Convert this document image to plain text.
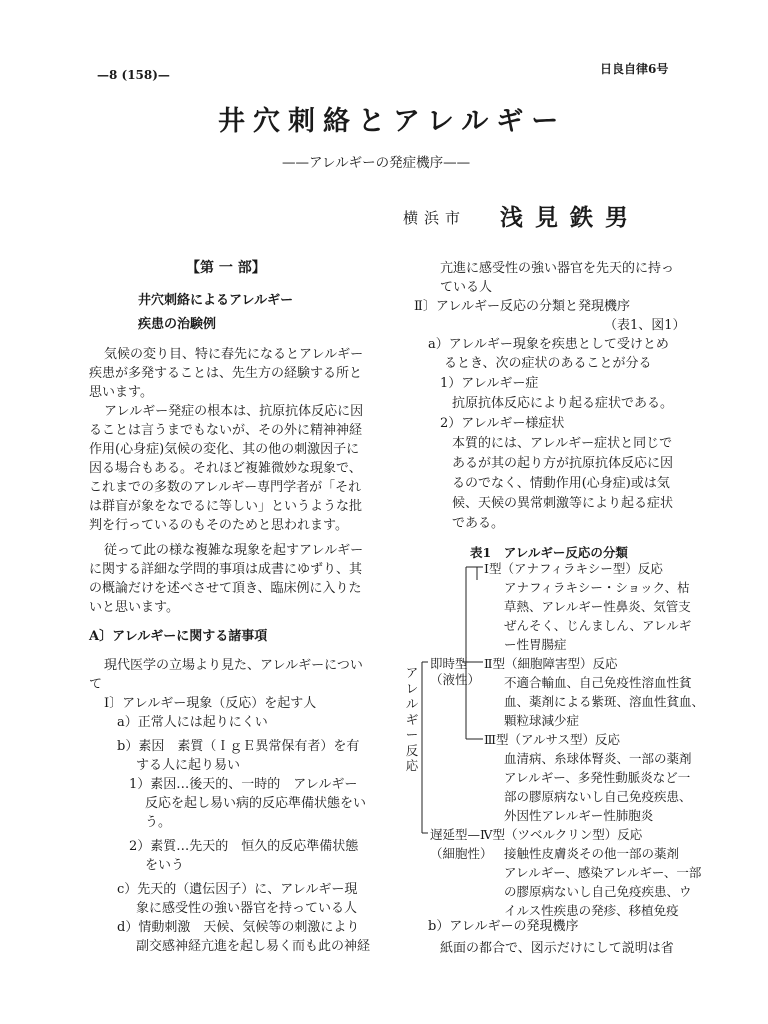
—8 (158)—	日良自律6号
井穴刺絡とアレルギー
——アレルギーの発症機序——
横浜市 浅見鉄男
【第 一 部】
井穴刺絡によるアレルギー
疾患の治験例
気候の変り目、特に春先になるとアレルギー
疾患が多発することは、先生方の経験する所と
思います。
アレルギー発症の根本は、抗原抗体反応に因
ることは言うまでもないが、その外に精神神経
作用(心身症)気候の変化、其の他の刺激因子に
因る場合もある。それほど複雑微妙な現象で、
これまでの多数のアレルギー専門学者が「それ
は群盲が象をなでるに等しい」というような批
判を行っているのもそのためと思われます。
従って此の様な複雑な現象を起すアレルギー
に関する詳細な学問的事項は成書にゆずり、其
の概論だけを述べさせて頂き、臨床例に入りた
いと思います。
A〕アレルギーに関する諸事項
現代医学の立場より見た、アレルギーについ
て
Ⅰ〕アレルギー現象（反応）を起す人
a）正常人には起りにくい
b）素因　素質（ＩｇＥ異常保有者）を有
する人に起り易い
1）素因…後天的、一時的　アレルギー
反応を起し易い病的反応準備状態をい
う。
2）素質…先天的　恒久的反応準備状態
をいう
c）先天的（遺伝因子）に、アレルギー現
象に感受性の強い器官を持っている人
d）情動刺激　天候、気候等の刺激により
副交感神経亢進を起し易く而も此の神経
亢進に感受性の強い器官を先天的に持っ
ている人
Ⅱ〕アレルギー反応の分類と発現機序
（表1、図1）
a）アレルギー現象を疾患として受けとめ
るとき、次の症状のあることが分る
1）アレルギー症
抗原抗体反応により起る症状である。
2）アレルギー様症状
本質的には、アレルギー症状と同じで
あるが其の起り方が抗原抗体反応に因
るのでなく、情動作用(心身症)或は気
候、天候の異常刺激等により起る症状
である。
b）アレルギーの発現機序
紙面の都合で、図示だけにして説明は省
表1　アレルギー反応の分類
アレルギー反応
Ⅰ型（アナフィラキシー型）反応
アナフィラキシー・ショック、枯
草熱、アレルギー性鼻炎、気管支
ぜんそく、じんましん、アレルギ
ー性胃腸症
即時型 Ⅱ型（細胞障害型）反応
（液性） 不適合輸血、自己免疫性溶血性貧
血、薬剤による紫斑、溶血性貧血、
顆粒球減少症
Ⅲ型（アルサス型）反応
血清病、糸球体腎炎、一部の薬剤
アレルギー、多発性動脈炎など一
部の膠原病ないし自己免疫疾患、
外因性アレルギー性肺胞炎
遅延型—Ⅳ型（ツベルクリン型）反応
（細胞性） 接触性皮膚炎その他一部の薬剤
アレルギー、感染アレルギー、一部
の膠原病ないし自己免疫疾患、ウ
イルス性疾患の発疹、移植免疫
